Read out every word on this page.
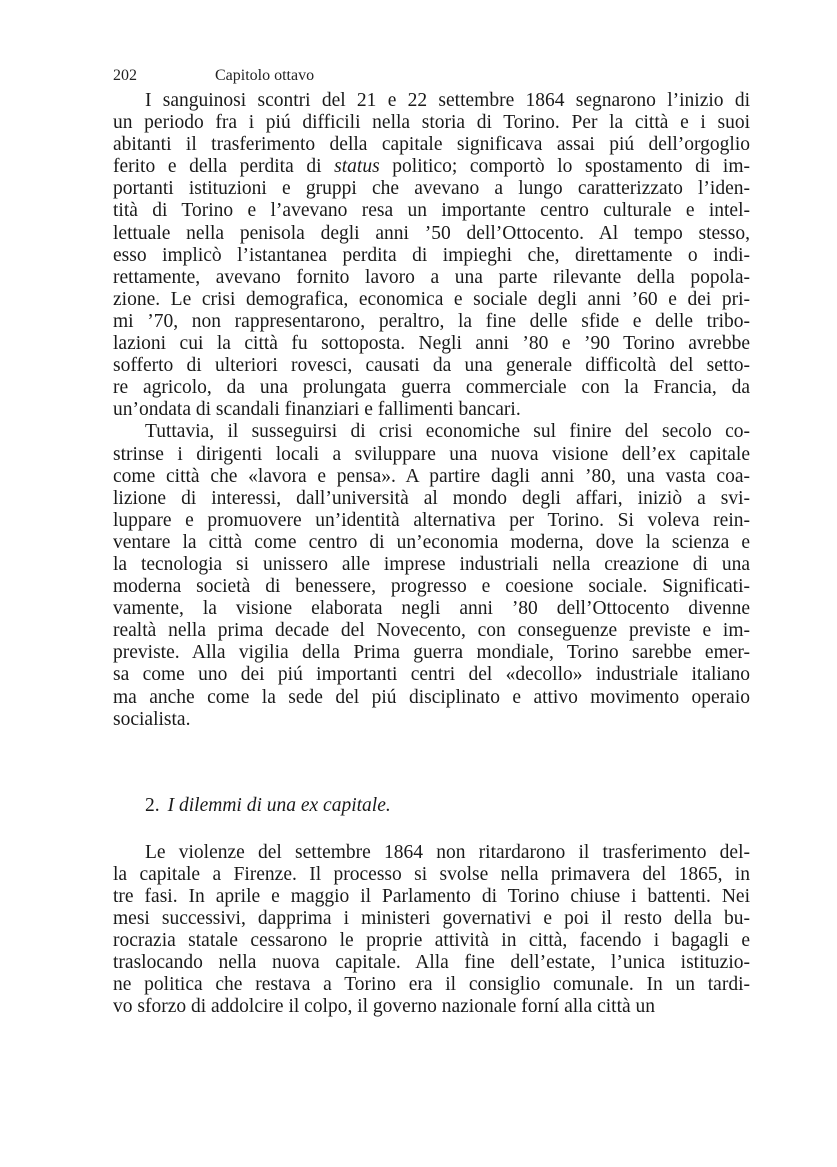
202	Capitolo ottavo
I sanguinosi scontri del 21 e 22 settembre 1864 segnarono l’inizio di
un periodo fra i piú difficili nella storia di Torino. Per la città e i suoi
abitanti il trasferimento della capitale significava assai piú dell’orgoglio
ferito e della perdita di status politico; comportò lo spostamento di im-
portanti istituzioni e gruppi che avevano a lungo caratterizzato l’iden-
tità di Torino e l’avevano resa un importante centro culturale e intel-
lettuale nella penisola degli anni ’50 dell’Ottocento. Al tempo stesso,
esso implicò l’istantanea perdita di impieghi che, direttamente o indi-
rettamente, avevano fornito lavoro a una parte rilevante della popola-
zione. Le crisi demografica, economica e sociale degli anni ’60 e dei pri-
mi ’70, non rappresentarono, peraltro, la fine delle sfide e delle tribo-
lazioni cui la città fu sottoposta. Negli anni ’80 e ’90 Torino avrebbe
sofferto di ulteriori rovesci, causati da una generale difficoltà del setto-
re agricolo, da una prolungata guerra commerciale con la Francia, da
un’ondata di scandali finanziari e fallimenti bancari.
Tuttavia, il susseguirsi di crisi economiche sul finire del secolo co-
strinse i dirigenti locali a sviluppare una nuova visione dell’ex capitale
come città che «lavora e pensa». A partire dagli anni ’80, una vasta coa-
lizione di interessi, dall’università al mondo degli affari, iniziò a svi-
luppare e promuovere un’identità alternativa per Torino. Si voleva rein-
ventare la città come centro di un’economia moderna, dove la scienza e
la tecnologia si unissero alle imprese industriali nella creazione di una
moderna società di benessere, progresso e coesione sociale. Significati-
vamente, la visione elaborata negli anni ’80 dell’Ottocento divenne
realtà nella prima decade del Novecento, con conseguenze previste e im-
previste. Alla vigilia della Prima guerra mondiale, Torino sarebbe emer-
sa come uno dei piú importanti centri del «decollo» industriale italiano
ma anche come la sede del piú disciplinato e attivo movimento operaio
socialista.
2. I dilemmi di una ex capitale.
Le violenze del settembre 1864 non ritardarono il trasferimento del-
la capitale a Firenze. Il processo si svolse nella primavera del 1865, in
tre fasi. In aprile e maggio il Parlamento di Torino chiuse i battenti. Nei
mesi successivi, dapprima i ministeri governativi e poi il resto della bu-
rocrazia statale cessarono le proprie attività in città, facendo i bagagli e
traslocando nella nuova capitale. Alla fine dell’estate, l’unica istituzio-
ne politica che restava a Torino era il consiglio comunale. In un tardi-
vo sforzo di addolcire il colpo, il governo nazionale forní alla città un
